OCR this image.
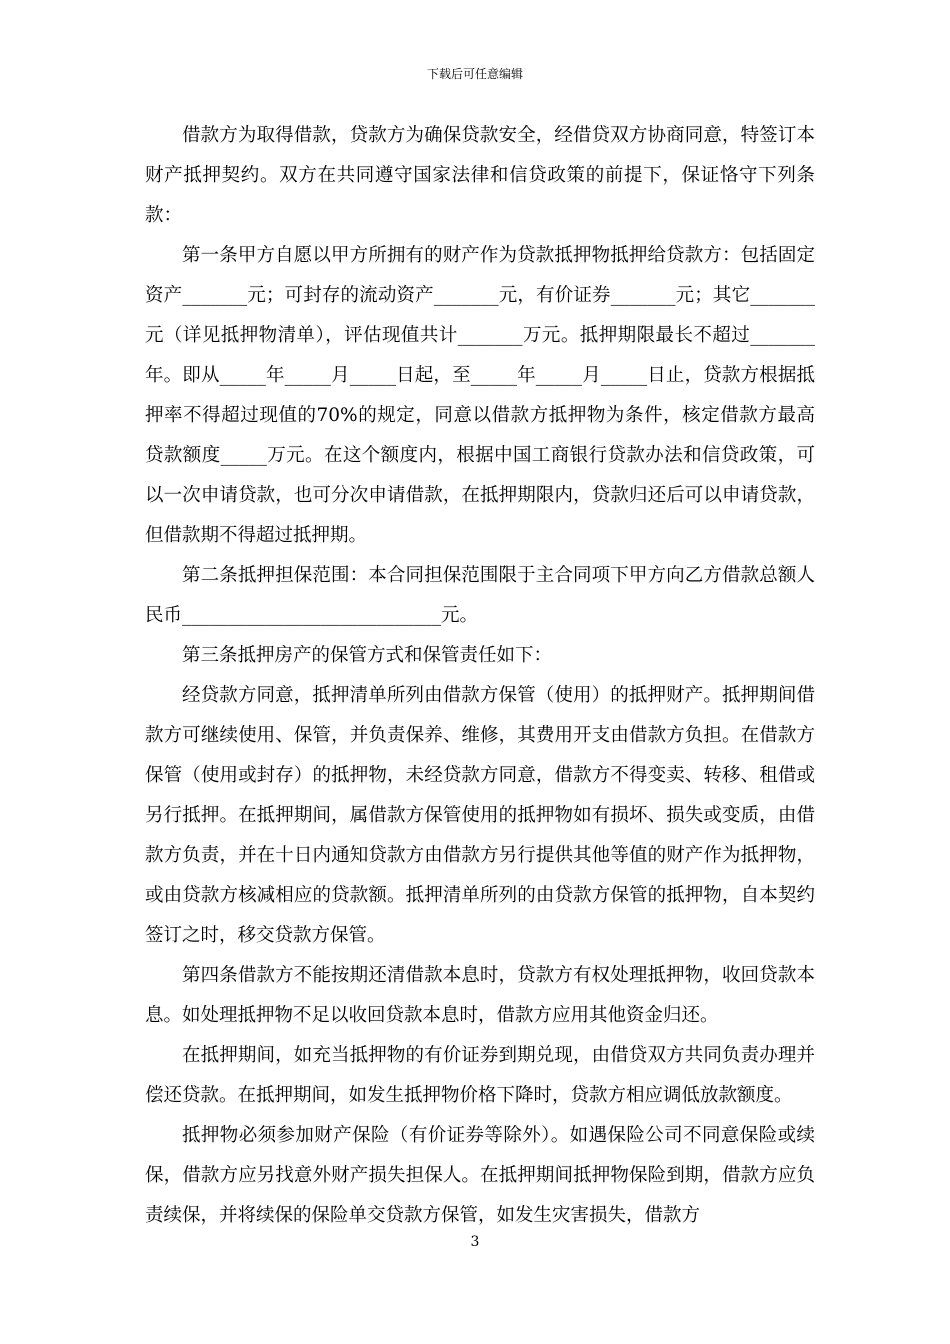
下载后可任意编辑

借款方为取得借款，贷款方为确保贷款安全，经借贷双方协商同意，特签订本财产抵押契约。双方在共同遵守国家法律和信贷政策的前提下，保证恪守下列条款：

第一条甲方自愿以甲方所拥有的财产作为贷款抵押物抵押给贷款方：包括固定资产_______元；可封存的流动资产_______元，有价证券_______元；其它_______元（详见抵押物清单），评估现值共计_______万元。抵押期限最长不超过_______年。即从_____年_____月_____日起，至_____年_____月_____日止，贷款方根据抵押率不得超过现值的70%的规定，同意以借款方抵押物为条件，核定借款方最高贷款额度_____万元。在这个额度内，根据中国工商银行贷款办法和信贷政策，可以一次申请贷款，也可分次申请借款，在抵押期限内，贷款归还后可以申请贷款，但借款期不得超过抵押期。

第二条抵押担保范围：本合同担保范围限于主合同项下甲方向乙方借款总额人民币____________________________元。

第三条抵押房产的保管方式和保管责任如下：

经贷款方同意，抵押清单所列由借款方保管（使用）的抵押财产。抵押期间借款方可继续使用、保管，并负责保养、维修，其费用开支由借款方负担。在借款方保管（使用或封存）的抵押物，未经贷款方同意，借款方不得变卖、转移、租借或另行抵押。在抵押期间，属借款方保管使用的抵押物如有损坏、损失或变质，由借款方负责，并在十日内通知贷款方由借款方另行提供其他等值的财产作为抵押物，或由贷款方核减相应的贷款额。抵押清单所列的由贷款方保管的抵押物，自本契约签订之时，移交贷款方保管。

第四条借款方不能按期还清借款本息时，贷款方有权处理抵押物，收回贷款本息。如处理抵押物不足以收回贷款本息时，借款方应用其他资金归还。

在抵押期间，如充当抵押物的有价证券到期兑现，由借贷双方共同负责办理并偿还贷款。在抵押期间，如发生抵押物价格下降时，贷款方相应调低放款额度。

抵押物必须参加财产保险（有价证券等除外）。如遇保险公司不同意保险或续保，借款方应另找意外财产损失担保人。在抵押期间抵押物保险到期，借款方应负责续保，并将续保的保险单交贷款方保管，如发生灾害损失，借款方

3
